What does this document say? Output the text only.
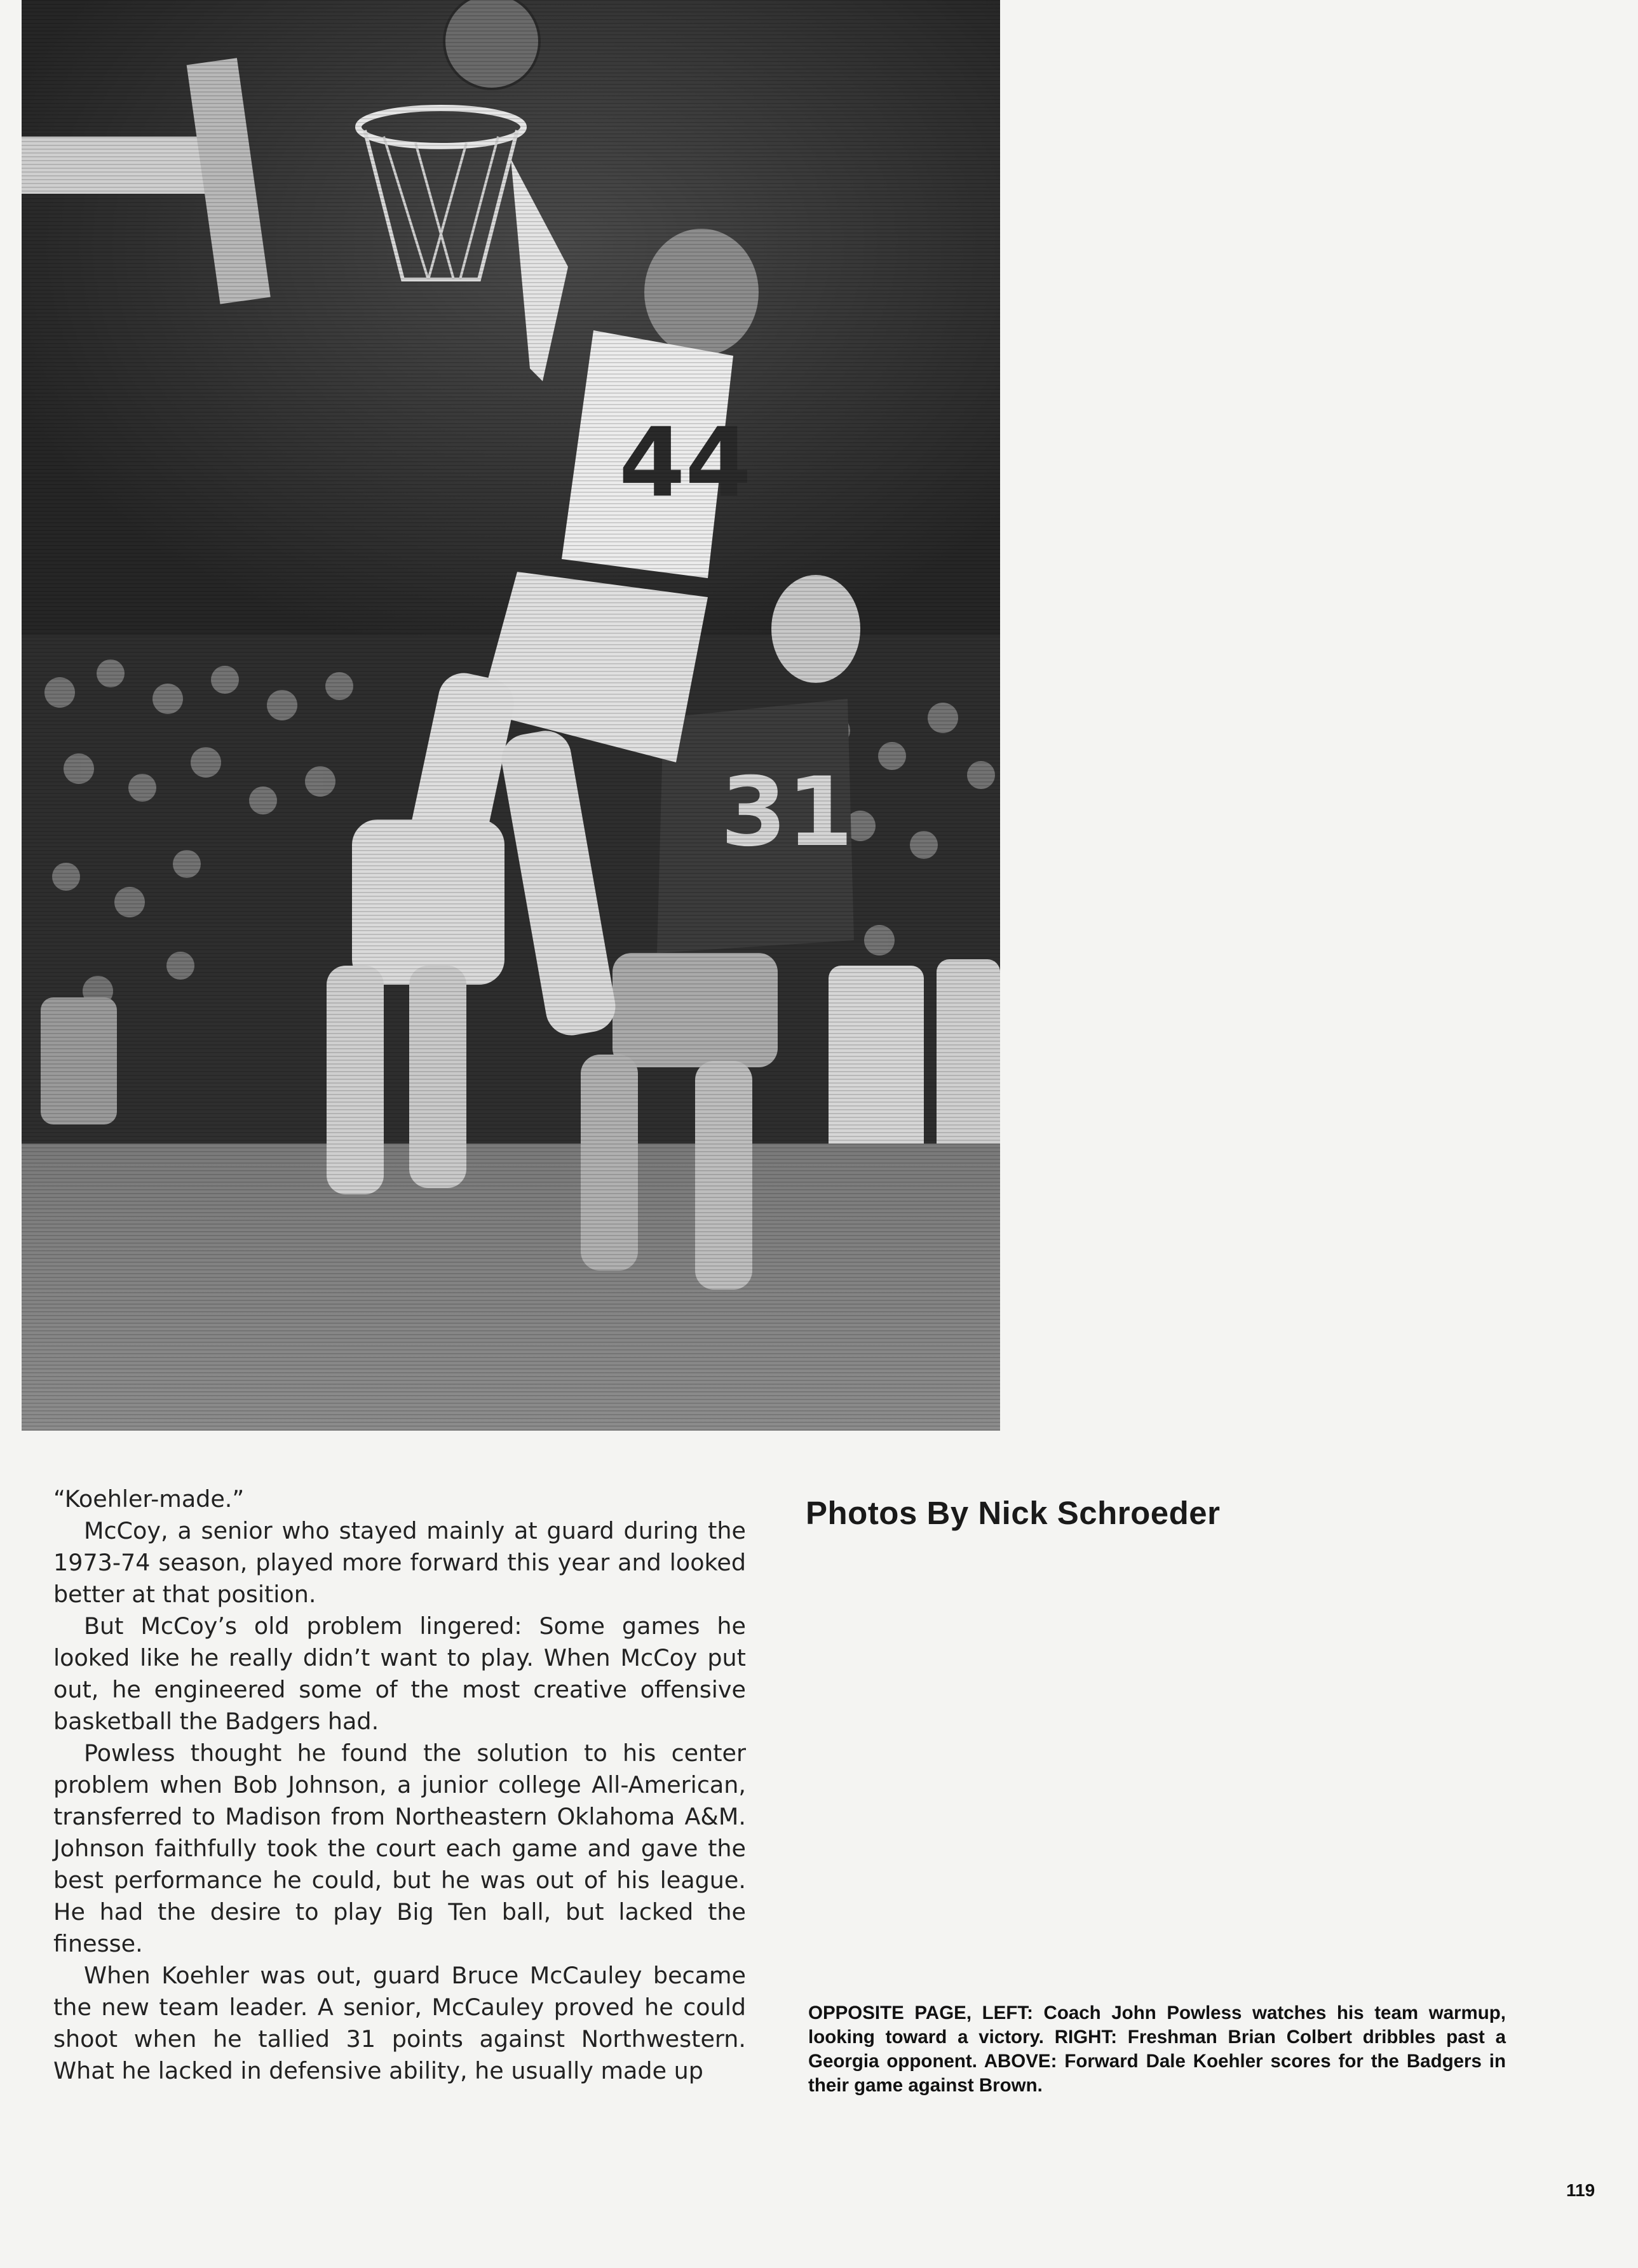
“Koehler-made.”

McCoy, a senior who stayed mainly at guard during the 1973-74 season, played more forward this year and looked better at that position.

But McCoy’s old problem lingered: Some games he looked like he really didn’t want to play. When McCoy put out, he engineered some of the most creative offensive basketball the Badgers had.

Powless thought he found the solution to his center problem when Bob Johnson, a junior college All-American, transferred to Madison from Northeastern Oklahoma A&M. Johnson faithfully took the court each game and gave the best performance he could, but he was out of his league. He had the desire to play Big Ten ball, but lacked the finesse.

When Koehler was out, guard Bruce McCauley became the new team leader. A senior, McCauley proved he could shoot when he tallied 31 points against Northwestern. What he lacked in defensive ability, he usually made up

Photos By Nick Schroeder
OPPOSITE PAGE, LEFT: Coach John Powless watches his team warmup, looking toward a victory. RIGHT: Freshman Brian Colbert dribbles past a Georgia opponent. ABOVE: Forward Dale Koehler scores for the Badgers in their game against Brown.
119
